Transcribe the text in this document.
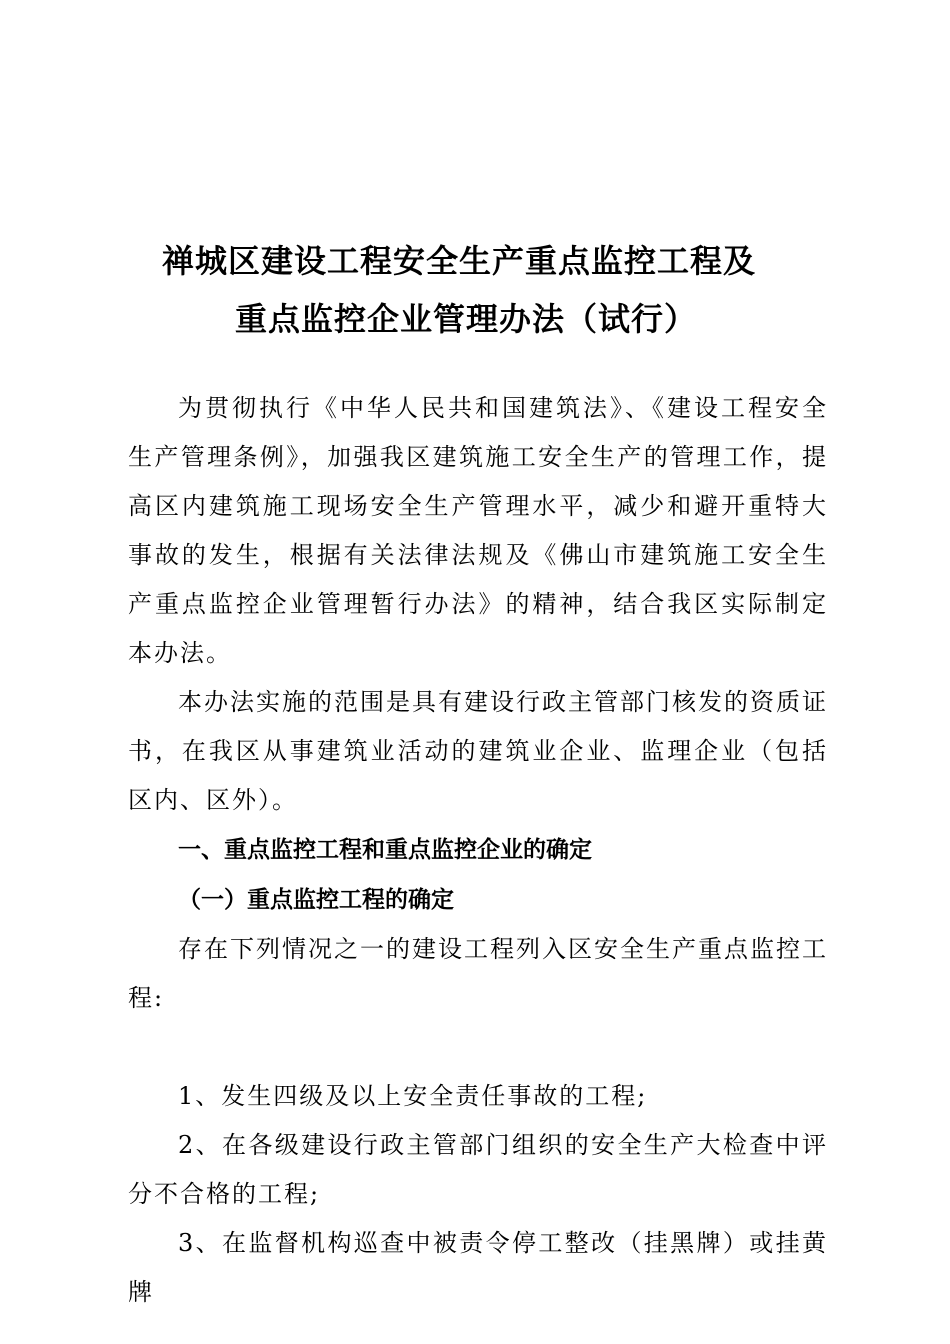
禅城区建设工程安全生产重点监控工程及
重点监控企业管理办法（试行）

为贯彻执行《中华人民共和国建筑法》、《建设工程安全生产管理条例》，加强我区建筑施工安全生产的管理工作，提高区内建筑施工现场安全生产管理水平，减少和避开重特大事故的发生，根据有关法律法规及《佛山市建筑施工安全生产重点监控企业管理暂行办法》的精神，结合我区实际制定本办法。

本办法实施的范围是具有建设行政主管部门核发的资质证书，在我区从事建筑业活动的建筑业企业、监理企业（包括区内、区外）。

一、重点监控工程和重点监控企业的确定

（一）重点监控工程的确定

存在下列情况之一的建设工程列入区安全生产重点监控工程:

1、发生四级及以上安全责任事故的工程;

2、在各级建设行政主管部门组织的安全生产大检查中评分不合格的工程;

3、在监督机构巡查中被责令停工整改（挂黑牌）或挂黄牌
